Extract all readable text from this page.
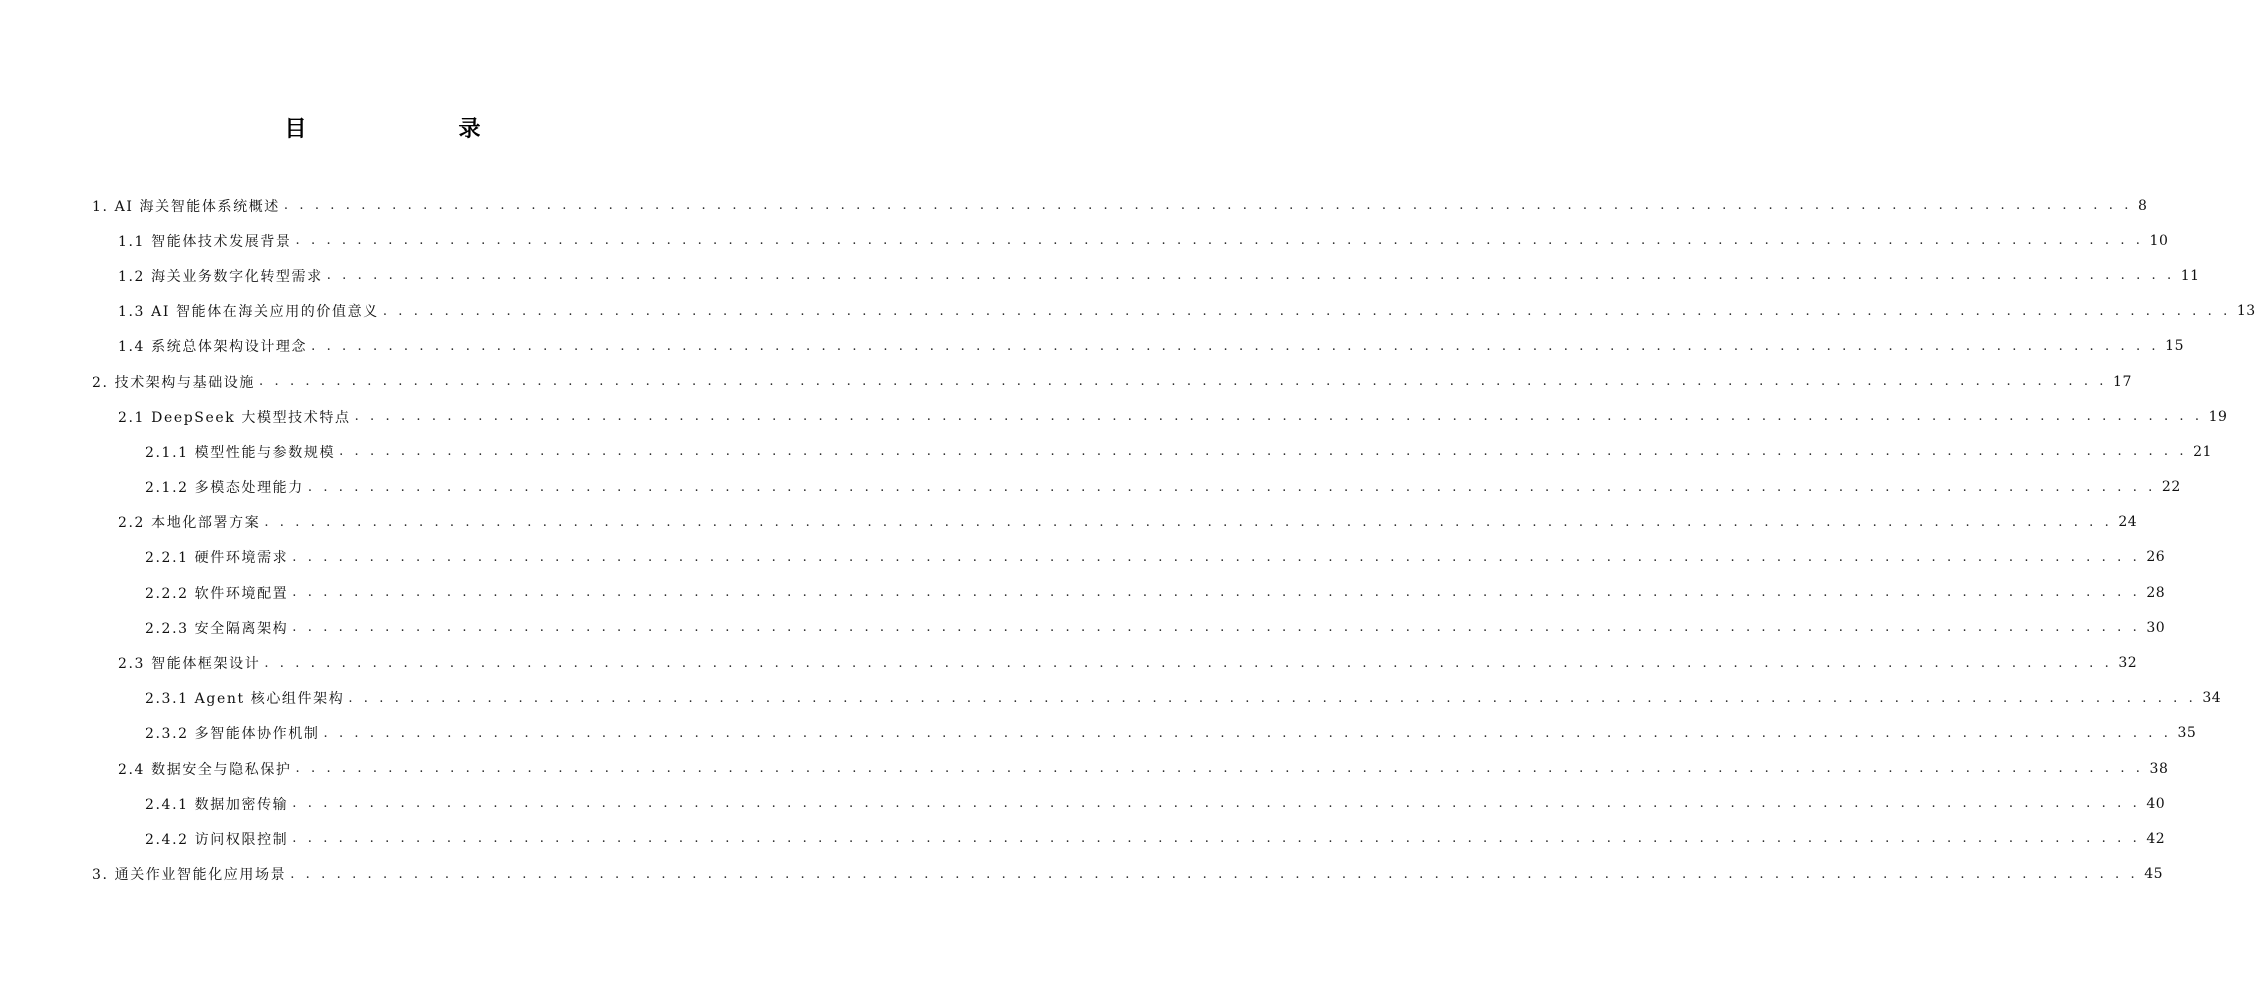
目　　录
1. AI 海关智能体系统概述 . . . . . . . . . . . . . . . . . . . . . . . . . . . . . . . . . . . . . . . . . . . . . . . . . . . . . . . . . . . . . . . . . . . . . . . . . . . . . . . . . . . . . . . . . . . . . . . . . . . . . . . . . . . . . . . . . . . . . . . . 8
1.1 智能体技术发展背景 . . . . . . . . . . . . . . . . . . . . . . . . . . . . . . . . . . . . . . . . . . . . . . . . . . . . . . . . . . . . . . . . . . . . . . . . . . . . . . . . . . . . . . . . . . . . . . . . . . . . . . . . . . . . . . . . . . . . . . . . 10
1.2 海关业务数字化转型需求 . . . . . . . . . . . . . . . . . . . . . . . . . . . . . . . . . . . . . . . . . . . . . . . . . . . . . . . . . . . . . . . . . . . . . . . . . . . . . . . . . . . . . . . . . . . . . . . . . . . . . . . . . . . . . . . . . . . . . . . . 11
1.3 AI 智能体在海关应用的价值意义 . . . . . . . . . . . . . . . . . . . . . . . . . . . . . . . . . . . . . . . . . . . . . . . . . . . . . . . . . . . . . . . . . . . . . . . . . . . . . . . . . . . . . . . . . . . . . . . . . . . . . . . . . . . . . . . . . . . . . . . . 13
1.4 系统总体架构设计理念 . . . . . . . . . . . . . . . . . . . . . . . . . . . . . . . . . . . . . . . . . . . . . . . . . . . . . . . . . . . . . . . . . . . . . . . . . . . . . . . . . . . . . . . . . . . . . . . . . . . . . . . . . . . . . . . . . . . . . . . . 15
2. 技术架构与基础设施 . . . . . . . . . . . . . . . . . . . . . . . . . . . . . . . . . . . . . . . . . . . . . . . . . . . . . . . . . . . . . . . . . . . . . . . . . . . . . . . . . . . . . . . . . . . . . . . . . . . . . . . . . . . . . . . . . . . . . . . . 17
2.1 DeepSeek 大模型技术特点 . . . . . . . . . . . . . . . . . . . . . . . . . . . . . . . . . . . . . . . . . . . . . . . . . . . . . . . . . . . . . . . . . . . . . . . . . . . . . . . . . . . . . . . . . . . . . . . . . . . . . . . . . . . . . . . . . . . . . . . . 19
2.1.1 模型性能与参数规模 . . . . . . . . . . . . . . . . . . . . . . . . . . . . . . . . . . . . . . . . . . . . . . . . . . . . . . . . . . . . . . . . . . . . . . . . . . . . . . . . . . . . . . . . . . . . . . . . . . . . . . . . . . . . . . . . . . . . . . . . 21
2.1.2 多模态处理能力 . . . . . . . . . . . . . . . . . . . . . . . . . . . . . . . . . . . . . . . . . . . . . . . . . . . . . . . . . . . . . . . . . . . . . . . . . . . . . . . . . . . . . . . . . . . . . . . . . . . . . . . . . . . . . . . . . . . . . . . . 22
2.2 本地化部署方案 . . . . . . . . . . . . . . . . . . . . . . . . . . . . . . . . . . . . . . . . . . . . . . . . . . . . . . . . . . . . . . . . . . . . . . . . . . . . . . . . . . . . . . . . . . . . . . . . . . . . . . . . . . . . . . . . . . . . . . . . 24
2.2.1 硬件环境需求 . . . . . . . . . . . . . . . . . . . . . . . . . . . . . . . . . . . . . . . . . . . . . . . . . . . . . . . . . . . . . . . . . . . . . . . . . . . . . . . . . . . . . . . . . . . . . . . . . . . . . . . . . . . . . . . . . . . . . . . . 26
2.2.2 软件环境配置 . . . . . . . . . . . . . . . . . . . . . . . . . . . . . . . . . . . . . . . . . . . . . . . . . . . . . . . . . . . . . . . . . . . . . . . . . . . . . . . . . . . . . . . . . . . . . . . . . . . . . . . . . . . . . . . . . . . . . . . . 28
2.2.3 安全隔离架构 . . . . . . . . . . . . . . . . . . . . . . . . . . . . . . . . . . . . . . . . . . . . . . . . . . . . . . . . . . . . . . . . . . . . . . . . . . . . . . . . . . . . . . . . . . . . . . . . . . . . . . . . . . . . . . . . . . . . . . . . 30
2.3 智能体框架设计 . . . . . . . . . . . . . . . . . . . . . . . . . . . . . . . . . . . . . . . . . . . . . . . . . . . . . . . . . . . . . . . . . . . . . . . . . . . . . . . . . . . . . . . . . . . . . . . . . . . . . . . . . . . . . . . . . . . . . . . . 32
2.3.1 Agent 核心组件架构 . . . . . . . . . . . . . . . . . . . . . . . . . . . . . . . . . . . . . . . . . . . . . . . . . . . . . . . . . . . . . . . . . . . . . . . . . . . . . . . . . . . . . . . . . . . . . . . . . . . . . . . . . . . . . . . . . . . . . . . . 34
2.3.2 多智能体协作机制 . . . . . . . . . . . . . . . . . . . . . . . . . . . . . . . . . . . . . . . . . . . . . . . . . . . . . . . . . . . . . . . . . . . . . . . . . . . . . . . . . . . . . . . . . . . . . . . . . . . . . . . . . . . . . . . . . . . . . . . . 35
2.4 数据安全与隐私保护 . . . . . . . . . . . . . . . . . . . . . . . . . . . . . . . . . . . . . . . . . . . . . . . . . . . . . . . . . . . . . . . . . . . . . . . . . . . . . . . . . . . . . . . . . . . . . . . . . . . . . . . . . . . . . . . . . . . . . . . . 38
2.4.1 数据加密传输 . . . . . . . . . . . . . . . . . . . . . . . . . . . . . . . . . . . . . . . . . . . . . . . . . . . . . . . . . . . . . . . . . . . . . . . . . . . . . . . . . . . . . . . . . . . . . . . . . . . . . . . . . . . . . . . . . . . . . . . . 40
2.4.2 访问权限控制 . . . . . . . . . . . . . . . . . . . . . . . . . . . . . . . . . . . . . . . . . . . . . . . . . . . . . . . . . . . . . . . . . . . . . . . . . . . . . . . . . . . . . . . . . . . . . . . . . . . . . . . . . . . . . . . . . . . . . . . . 42
3. 通关作业智能化应用场景 . . . . . . . . . . . . . . . . . . . . . . . . . . . . . . . . . . . . . . . . . . . . . . . . . . . . . . . . . . . . . . . . . . . . . . . . . . . . . . . . . . . . . . . . . . . . . . . . . . . . . . . . . . . . . . . . . . . . . . . . 45
